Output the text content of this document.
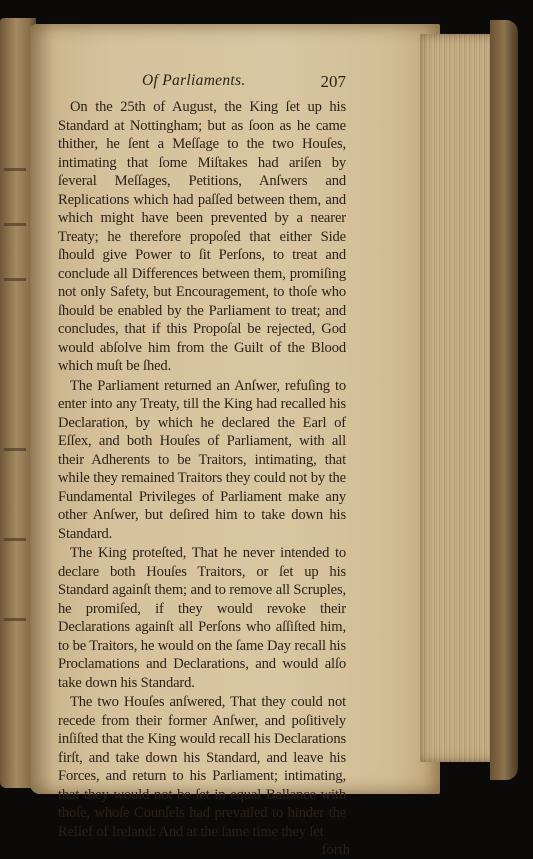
Of Parliaments.	207

On the 25th of August, the King ſet up his Standard at Nottingham; but as ſoon as he came thither, he ſent a Meſſage to the two Houſes, intimating that ſome Miſtakes had ariſen by ſeveral Meſſages, Petitions, Anſwers and Replications which had paſſed between them, and which might have been prevented by a nearer Treaty; he therefore propoſed that either Side ſhould give Power to ſit Perſons, to treat and conclude all Differences between them, promiſing not only Safety, but Encouragement, to thoſe who ſhould be enabled by the Parliament to treat; and concludes, that if this Propoſal be rejected, God would abſolve him from the Guilt of the Blood which muſt be ſhed.

The Parliament returned an Anſwer, refuſing to enter into any Treaty, till the King had recalled his Declaration, by which he declared the Earl of Eſſex, and both Houſes of Parliament, with all their Adherents to be Traitors, intimating, that while they remained Traitors they could not by the Fundamental Privileges of Parliament make any other Anſwer, but deſired him to take down his Standard.

The King proteſted, That he never intended to declare both Houſes Traitors, or ſet up his Standard againſt them; and to remove all Scruples, he promiſed, if they would revoke their Declarations againſt all Perſons who aſſiſted him, to be Traitors, he would on the ſame Day recall his Proclamations and Declarations, and would alſo take down his Standard.

The two Houſes anſwered, That they could not recede from their former Anſwer, and poſitively inſiſted that the King would recall his Declarations firſt, and take down his Standard, and leave his Forces, and return to his Parliament; intimating, that they would not be ſet in equal Ballance with thoſe, whoſe Counſels had prevailed to hinder the Relief of Ireland: And at the ſame time they ſet

forth
